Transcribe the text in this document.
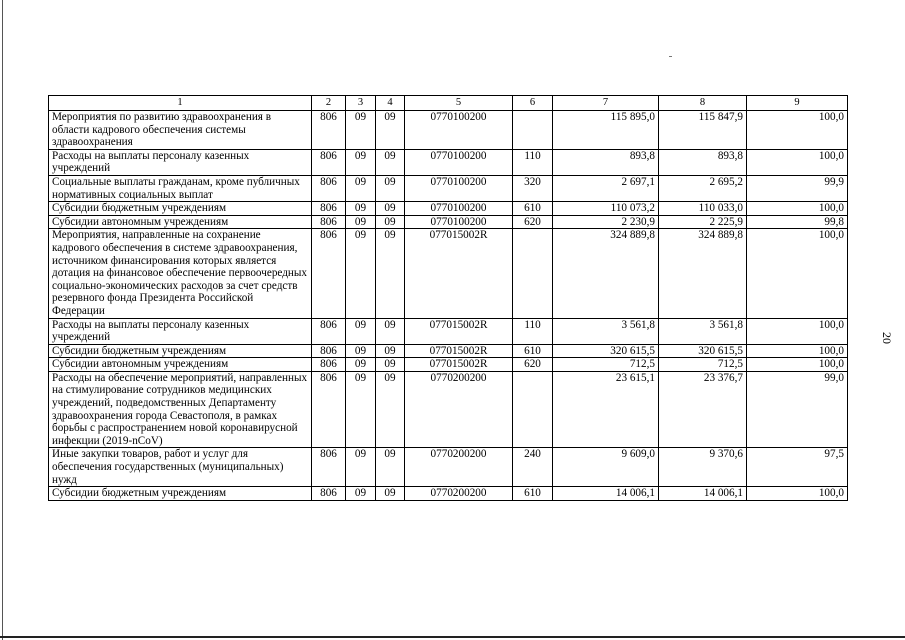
20
1	2	3	4	5	6	7	8	9
Мероприятия по развитию здравоохранения в области кадрового обеспечения системы здравоохранения	806	09	09	0770100200		115 895,0	115 847,9	100,0
Расходы на выплаты персоналу казенных учреждений	806	09	09	0770100200	110	893,8	893,8	100,0
Социальные выплаты гражданам, кроме публичных нормативных социальных выплат	806	09	09	0770100200	320	2 697,1	2 695,2	99,9
Субсидии бюджетным учреждениям	806	09	09	0770100200	610	110 073,2	110 033,0	100,0
Субсидии автономным учреждениям	806	09	09	0770100200	620	2 230,9	2 225,9	99,8
Мероприятия, направленные на сохранение кадрового обеспечения в системе здравоохранения, источником финансирования которых является дотация на финансовое обеспечение первоочередных социально-экономических расходов за счет средств резервного фонда Президента Российской Федерации	806	09	09	077015002R		324 889,8	324 889,8	100,0
Расходы на выплаты персоналу казенных учреждений	806	09	09	077015002R	110	3 561,8	3 561,8	100,0
Субсидии бюджетным учреждениям	806	09	09	077015002R	610	320 615,5	320 615,5	100,0
Субсидии автономным учреждениям	806	09	09	077015002R	620	712,5	712,5	100,0
Расходы на обеспечение мероприятий, направленных на стимулирование сотрудников медицинских учреждений, подведомственных Департаменту здравоохранения города Севастополя, в рамках борьбы с распространением новой коронавирусной инфекции (2019-nCoV)	806	09	09	0770200200		23 615,1	23 376,7	99,0
Иные закупки товаров, работ и услуг для обеспечения государственных (муниципальных) нужд	806	09	09	0770200200	240	9 609,0	9 370,6	97,5
Субсидии бюджетным учреждениям	806	09	09	0770200200	610	14 006,1	14 006,1	100,0
